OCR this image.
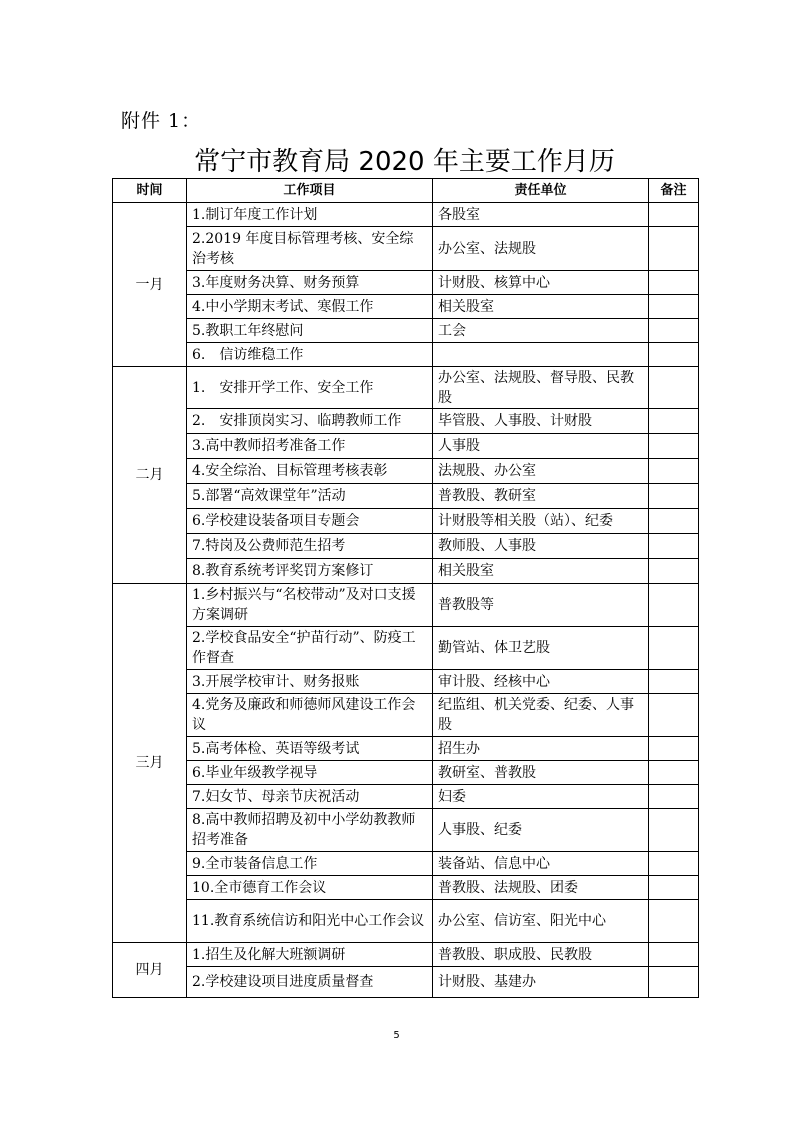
附件 1：
常宁市教育局 2020 年主要工作月历
时间	工作项目	责任单位	备注
一月	1.制订年度工作计划	各股室	
	2.2019 年度目标管理考核、安全综治考核	办公室、法规股	
	3.年度财务决算、财务预算	计财股、核算中心	
	4.中小学期末考试、寒假工作	相关股室	
	5.教职工年终慰问	工会	
	6.　信访维稳工作		
二月	1.　安排开学工作、安全工作	办公室、法规股、督导股、民教股	
	2.　安排顶岗实习、临聘教师工作	毕管股、人事股、计财股	
	3.高中教师招考准备工作	人事股	
	4.安全综治、目标管理考核表彰	法规股、办公室	
	5.部署“高效课堂年”活动	普教股、教研室	
	6.学校建设装备项目专题会	计财股等相关股（站）、纪委	
	7.特岗及公费师范生招考	教师股、人事股	
	8.教育系统考评奖罚方案修订	相关股室	
三月	1.乡村振兴与“名校带动”及对口支援方案调研	普教股等	
	2.学校食品安全“护苗行动”、防疫工作督查	勤管站、体卫艺股	
	3.开展学校审计、财务报账	审计股、经核中心	
	4.党务及廉政和师德师风建设工作会议	纪监组、机关党委、纪委、人事股	
	5.高考体检、英语等级考试	招生办	
	6.毕业年级教学视导	教研室、普教股	
	7.妇女节、母亲节庆祝活动	妇委	
	8.高中教师招聘及初中小学幼教教师招考准备	人事股、纪委	
	9.全市装备信息工作	装备站、信息中心	
	10.全市德育工作会议	普教股、法规股、团委	
	11.教育系统信访和阳光中心工作会议	办公室、信访室、阳光中心	
四月	1.招生及化解大班额调研	普教股、职成股、民教股	
	2.学校建设项目进度质量督查	计财股、基建办	
5
